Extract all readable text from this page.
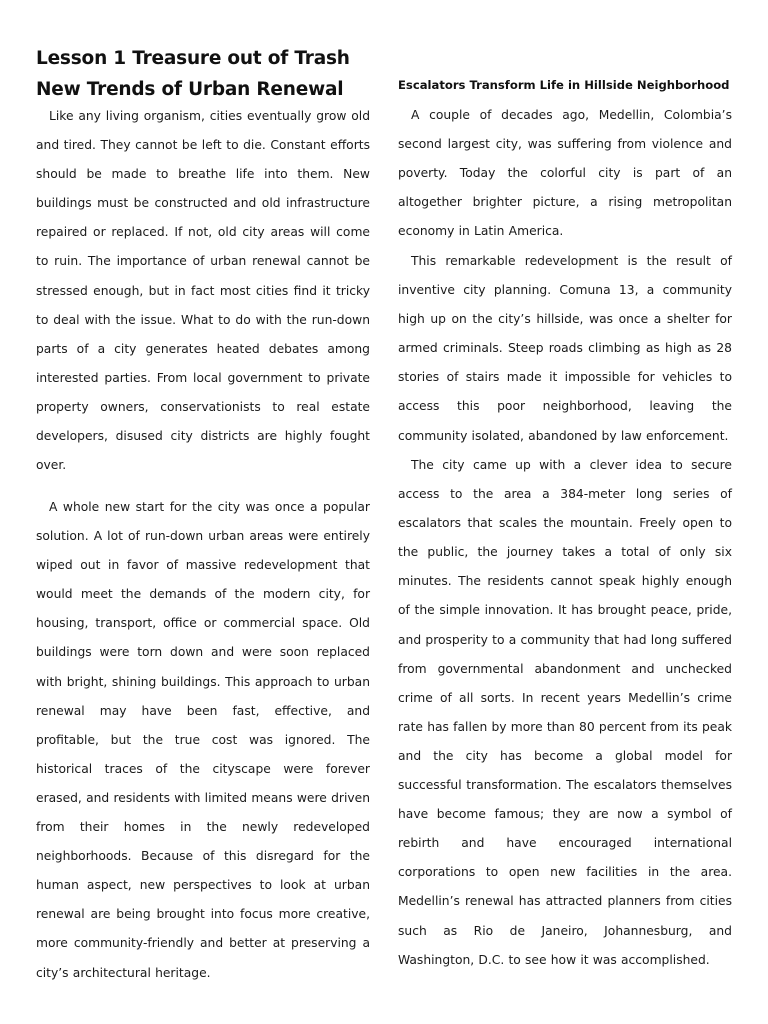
Lesson 1 Treasure out of Trash
New Trends of Urban Renewal

Like any living organism, cities eventually grow old and tired. They cannot be left to die. Constant efforts should be made to breathe life into them. New buildings must be constructed and old infrastructure repaired or replaced. If not, old city areas will come to ruin. The importance of urban renewal cannot be stressed enough, but in fact most cities find it tricky to deal with the issue. What to do with the run-down parts of a city generates heated debates among interested parties. From local government to private property owners, conservationists to real estate developers, disused city districts are highly fought over.

A whole new start for the city was once a popular solution. A lot of run-down urban areas were entirely wiped out in favor of massive redevelopment that would meet the demands of the modern city, for housing, transport, office or commercial space. Old buildings were torn down and were soon replaced with bright, shining buildings. This approach to urban renewal may have been fast, effective, and profitable, but the true cost was ignored. The historical traces of the cityscape were forever erased, and residents with limited means were driven from their homes in the newly redeveloped neighborhoods. Because of this disregard for the human aspect, new perspectives to look at urban renewal are being brought into focus more creative, more community-friendly and better at preserving a city’s architectural heritage.

Escalators Transform Life in Hillside Neighborhood

A couple of decades ago, Medellin, Colombia’s second largest city, was suffering from violence and poverty. Today the colorful city is part of an altogether brighter picture, a rising metropolitan economy in Latin America.

This remarkable redevelopment is the result of inventive city planning. Comuna 13, a community high up on the city’s hillside, was once a shelter for armed criminals. Steep roads climbing as high as 28 stories of stairs made it impossible for vehicles to access this poor neighborhood, leaving the community isolated, abandoned by law enforcement.

The city came up with a clever idea to secure access to the area a 384-meter long series of escalators that scales the mountain. Freely open to the public, the journey takes a total of only six minutes. The residents cannot speak highly enough of the simple innovation. It has brought peace, pride, and prosperity to a community that had long suffered from governmental abandonment and unchecked crime of all sorts. In recent years Medellin’s crime rate has fallen by more than 80 percent from its peak and the city has become a global model for successful transformation. The escalators themselves have become famous; they are now a symbol of rebirth and have encouraged international corporations to open new facilities in the area. Medellin’s renewal has attracted planners from cities such as Rio de Janeiro, Johannesburg, and Washington, D.C. to see how it was accomplished.
